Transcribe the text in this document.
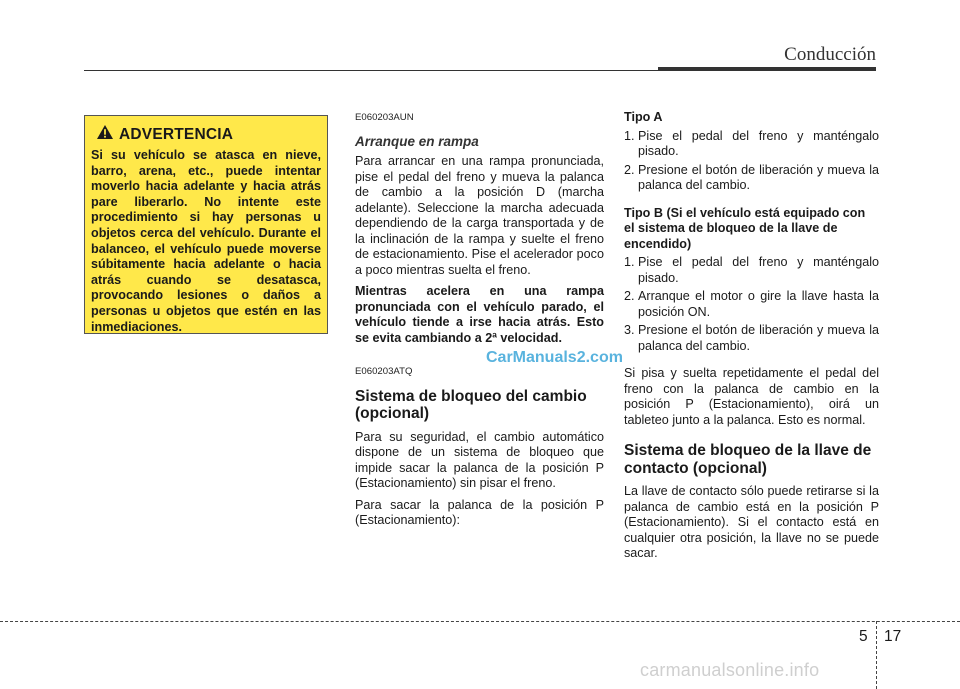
Conducción
ADVERTENCIA
Si su vehículo se atasca en nieve, barro, arena, etc., puede intentar moverlo hacia adelante y hacia atrás pare liberarlo. No intente este procedimiento si hay personas u objetos cerca del vehículo. Durante el balanceo, el vehículo puede moverse súbitamente hacia adelante o hacia atrás cuando se desatasca, provocando lesiones o daños a personas u objetos que estén en las inmediaciones.
E060203AUN
Arranque en rampa
Para arrancar en una rampa pronunciada, pise el pedal del freno y mueva la palanca de cambio a la posición D (marcha adelante). Seleccione la marcha adecuada dependiendo de la carga transportada y de la inclinación de la rampa y suelte el freno de estacionamiento. Pise el acelerador poco a poco mientras suelta el freno.
Mientras acelera en una rampa pronunciada con el vehículo parado, el vehículo tiende a irse hacia atrás. Esto se evita cambiando a 2ª velocidad.
E060203ATQ
Sistema de bloqueo del cambio (opcional)
Para su seguridad, el cambio automático dispone de un sistema de bloqueo que impide sacar la palanca de la posición P (Estacionamiento) sin pisar el freno.
Para sacar la palanca de la posición P (Estacionamiento):
Tipo A
1. Pise el pedal del freno y manténgalo pisado.
2. Presione el botón de liberación y mueva la palanca del cambio.
Tipo B (Si el vehículo está equipado con el sistema de bloqueo de la llave de encendido)
1. Pise el pedal del freno y manténgalo pisado.
2. Arranque el motor o gire la llave hasta la posición ON.
3. Presione el botón de liberación y mueva la palanca del cambio.
Si pisa y suelta repetidamente el pedal del freno con la palanca de cambio en la posición P (Estacionamiento), oirá un tableteo junto a la palanca. Esto es normal.
Sistema de bloqueo de la llave de contacto (opcional)
La llave de contacto sólo puede retirarse si la palanca de cambio está en la posición P (Estacionamiento). Si el contacto está en cualquier otra posición, la llave no se puede sacar.
CarManuals2.com
5 17
carmanualsonline.info
